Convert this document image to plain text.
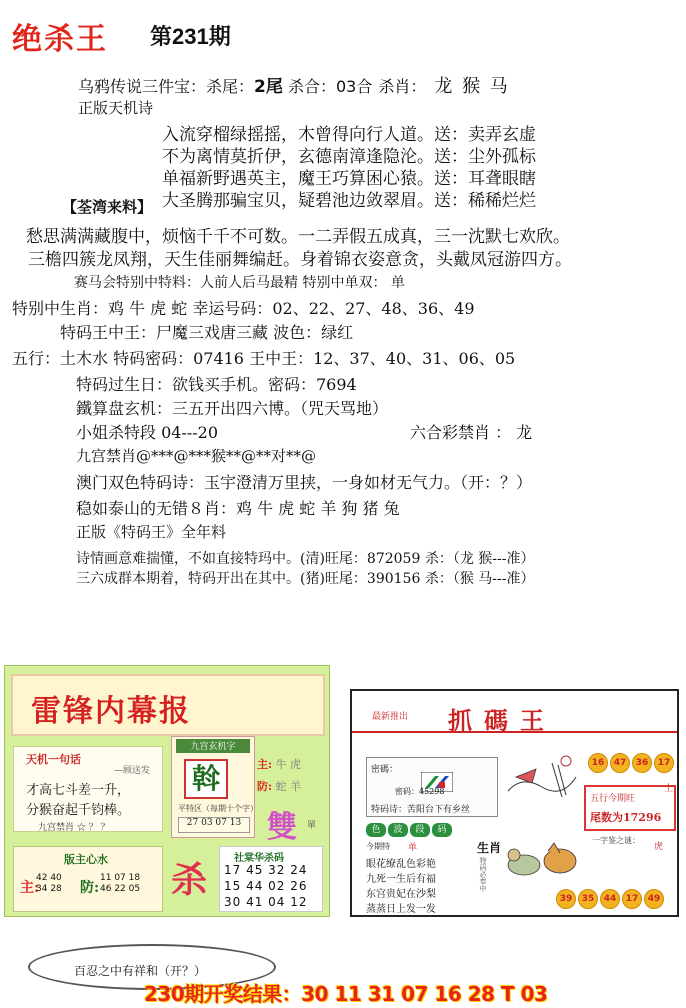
绝杀王 第231期
乌鸦传说三件宝：杀尾：2尾 杀合：03合 杀肖： 龙 猴 马
正版天机诗
入流穿榴绿摇摇，木曾得向行人道。送：卖弄玄虚
不为离情莫折伊，玄德南漳逢隐沦。送：尘外孤标
单福新野遇英主，魔王巧算困心猿。送：耳聋眼瞎
大圣腾那骗宝贝，疑碧池边敛翠眉。送：稀稀烂烂
【荃湾来料】
愁思满满藏腹中，烦恼千千不可数。一二弄假五成真，三一沈默七欢欣。
三檐四簇龙凤翔，天生佳丽舞编赶。身着锦衣姿意贪，头戴凤冠游四方。
赛马会特别中特料：人前人后马最精 特别中单双： 单
特别中生肖：鸡 牛 虎 蛇 幸运号码：02、22、27、48、36、49
特码王中王：尸魔三戏唐三藏 波色：绿红
五行：土木水 特码密码：07416 王中王：12、37、40、31、06、05
特码过生日：欲钱买手机。密码：7694
鐵算盘玄机：三五开出四六博。（咒天骂地）
小姐杀特段 04---20	六合彩禁肖 ： 龙
九宫禁肖@***@***猴**@**对**@
澳门双色特码诗：玉宇澄清万里挟，一身如材无气力。（开：？）
稳如泰山的无错８肖：鸡 牛 虎 蛇 羊 狗 猪 兔
正版《特码王》全年料
诗情画意难揣懂，不如直接特玛中。(清)旺尾：872059 杀：（龙 猴---准）
三六成群本期着，特码开出在其中。(猪)旺尾：390156 杀：（猴 马---准）
雷锋内幕报
天机一句话
—顾送发
才高七斗差一升，
分猴奋起千钧棒。
九宫禁肖 ☆ ？ ？
九宫玄机字
斡
平特区（每期十个字）
27 03 07 13
主: 牛 虎
防: 蛇 羊
雙 單
版主心水
主:
42 40
34 28 防:
11 07 18
46 22 05 杀
社棠华杀码
17 45 32 24
15 44 02 26
30 41 04 12
最新推出 抓碼王
密碼：
密码：45298
特码诗：苦阳台下有乡丝
色 波 段 码
今期特 单
眼花缭乱色彩艳
九死一生后有福
东宫贵妃在沙梨
蒸蒸日上发一发
生肖
特码必奉中
16	47	36	17
五行今期旺
尾数为17296
土
一字鉴之谜：
虎
39	35	44	17	49
百忍之中有祥和（开？）
230期开奖结果：30 11 31 07 16 28 T 03
